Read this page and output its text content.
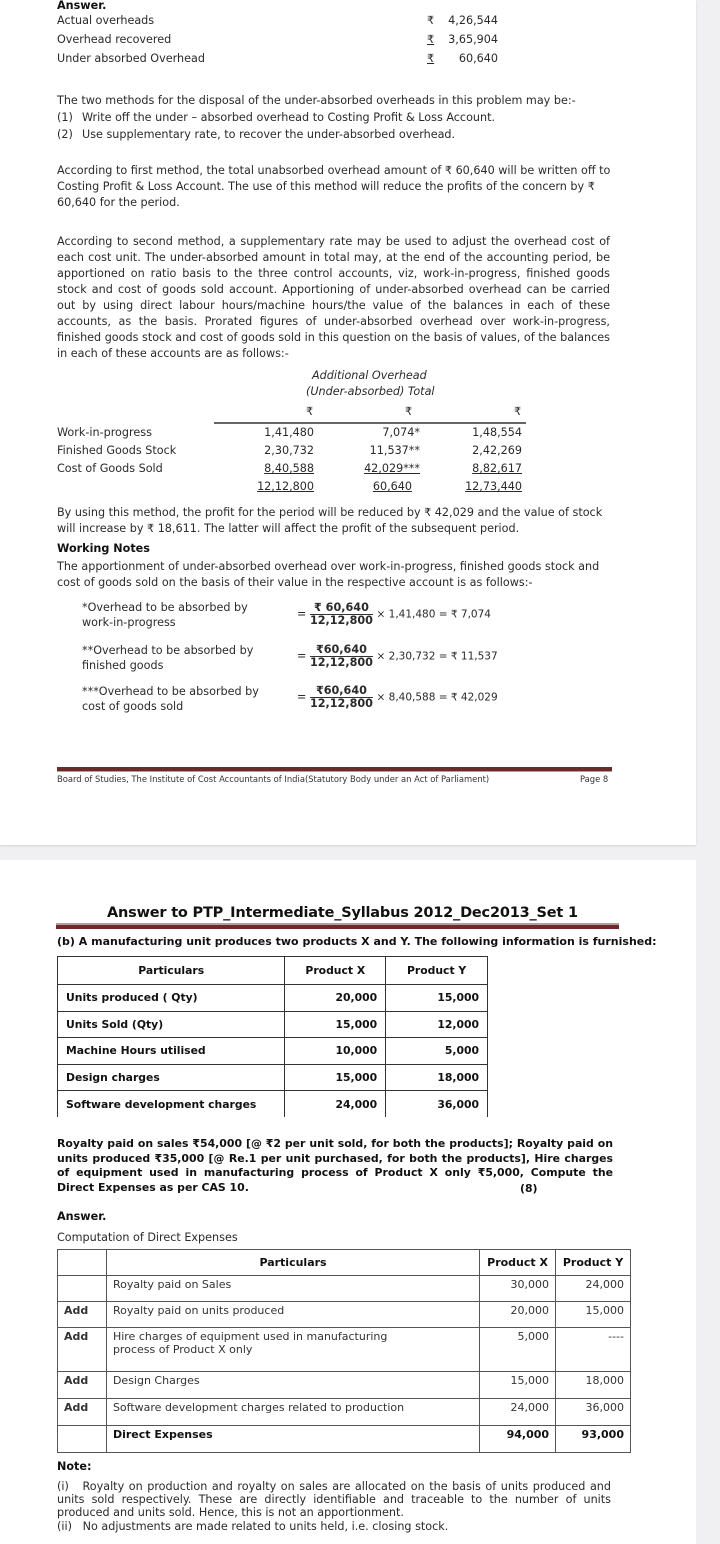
Answer.
Actual overheads	₹	4,26,544
Overhead recovered	₹ 3,65,904
Under absorbed Overhead	₹ 60,640
The two methods for the disposal of the under-absorbed overheads in this problem may be:-
(1) Write off the under – absorbed overhead to Costing Profit & Loss Account.
(2) Use supplementary rate, to recover the under-absorbed overhead.
According to first method, the total unabsorbed overhead amount of ₹ 60,640 will be written off to Costing Profit & Loss Account. The use of this method will reduce the profits of the concern by ₹ 60,640 for the period.
According to second method, a supplementary rate may be used to adjust the overhead cost of each cost unit. The under-absorbed amount in total may, at the end of the accounting period, be apportioned on ratio basis to the three control accounts, viz, work-in-progress, finished goods stock and cost of goods sold account. Apportioning of under-absorbed overhead can be carried out by using direct labour hours/machine hours/the value of the balances in each of these accounts, as the basis. Prorated figures of under-absorbed overhead over work-in-progress, finished goods stock and cost of goods sold in this question on the basis of values, of the balances in each of these accounts are as follows:-
Additional Overhead
(Under-absorbed) Total
₹	₹	₹
Work-in-progress	1,41,480	7,074*	1,48,554
Finished Goods Stock	2,30,732	11,537**	2,42,269
Cost of Goods Sold	8,40,588	42,029***	8,82,617
12,12,800	60,640	12,73,440
By using this method, the profit for the period will be reduced by ₹ 42,029 and the value of stock will increase by ₹ 18,611. The latter will affect the profit of the subsequent period.
Working Notes
The apportionment of under-absorbed overhead over work-in-progress, finished goods stock and cost of goods sold on the basis of their value in the respective account is as follows:-
*Overhead to be absorbed by
work-in-progress
= $\frac{₹ 60,640}{12,12,800} \times 1,41,480$ = ₹ 7,074
**Overhead to be absorbed by
finished goods
= $\frac{₹60,640}{12,12,800} \times 2,30,732$ = ₹ 11,537
***Overhead to be absorbed by
cost of goods sold
= $\frac{₹60,640}{12,12,800} \times 8,40,588$ = ₹ 42,029
Board of Studies, The Institute of Cost Accountants of India(Statutory Body under an Act of Parliament)	Page 8
Answer to PTP_Intermediate_Syllabus 2012_Dec2013_Set 1
(b) A manufacturing unit produces two products X and Y. The following information is furnished:
Particulars	Product X	Product Y
Units produced ( Qty)	20,000	15,000
Units Sold (Qty)	15,000	12,000
Machine Hours utilised	10,000	5,000
Design charges	15,000	18,000
Software development charges	24,000	36,000
Royalty paid on sales ₹54,000 [@ ₹2 per unit sold, for both the products]; Royalty paid on units produced ₹35,000 [@ Re.1 per unit purchased, for both the products], Hire charges of equipment used in manufacturing process of Product X only ₹5,000, Compute the Direct Expenses as per CAS 10.	(8)
Answer.
Computation of Direct Expenses
	Particulars	Product X	Product Y
	Royalty paid on Sales	30,000	24,000
Add	Royalty paid on units produced	20,000	15,000
Add	Hire charges of equipment used in manufacturing process of Product X only	5,000	----
Add	Design Charges	15,000	18,000
Add	Software development charges related to production	24,000	36,000
	Direct Expenses	94,000	93,000
Note:
(i) Royalty on production and royalty on sales are allocated on the basis of units produced and units sold respectively. These are directly identifiable and traceable to the number of units produced and units sold. Hence, this is not an apportionment.
(ii) No adjustments are made related to units held, i.e. closing stock.
